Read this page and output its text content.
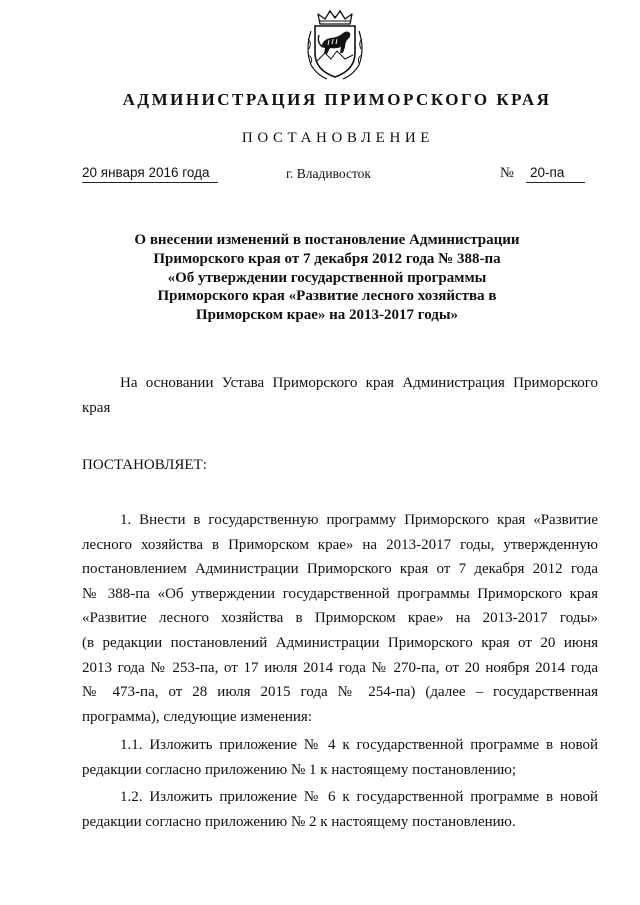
АДМИНИСТРАЦИЯ ПРИМОРСКОГО КРАЯ
ПОСТАНОВЛЕНИЕ
20 января 2016 года	г. Владивосток	№ 20-па
О внесении изменений в постановление Администрации
Приморского края от 7 декабря 2012 года № 388-па
«Об утверждении государственной программы
Приморского края «Развитие лесного хозяйства в
Приморском крае» на 2013-2017 годы»
На основании Устава Приморского края Администрация Приморского
края
ПОСТАНОВЛЯЕТ:
1. Внести в государственную программу Приморского края «Развитие
лесного хозяйства в Приморском крае» на 2013-2017 годы, утвержденную
постановлением Администрации Приморского края от 7 декабря 2012 года
№ 388-па «Об утверждении государственной программы Приморского края
«Развитие лесного хозяйства в Приморском крае» на 2013-2017 годы»
(в редакции постановлений Администрации Приморского края от 20 июня
2013 года № 253-па, от 17 июля 2014 года № 270-па, от 20 ноября 2014 года
№ 473-па, от 28 июля 2015 года № 254-па) (далее – государственная
программа), следующие изменения:
1.1. Изложить приложение № 4 к государственной программе в новой
редакции согласно приложению № 1 к настоящему постановлению;
1.2. Изложить приложение № 6 к государственной программе в новой
редакции согласно приложению № 2 к настоящему постановлению.
